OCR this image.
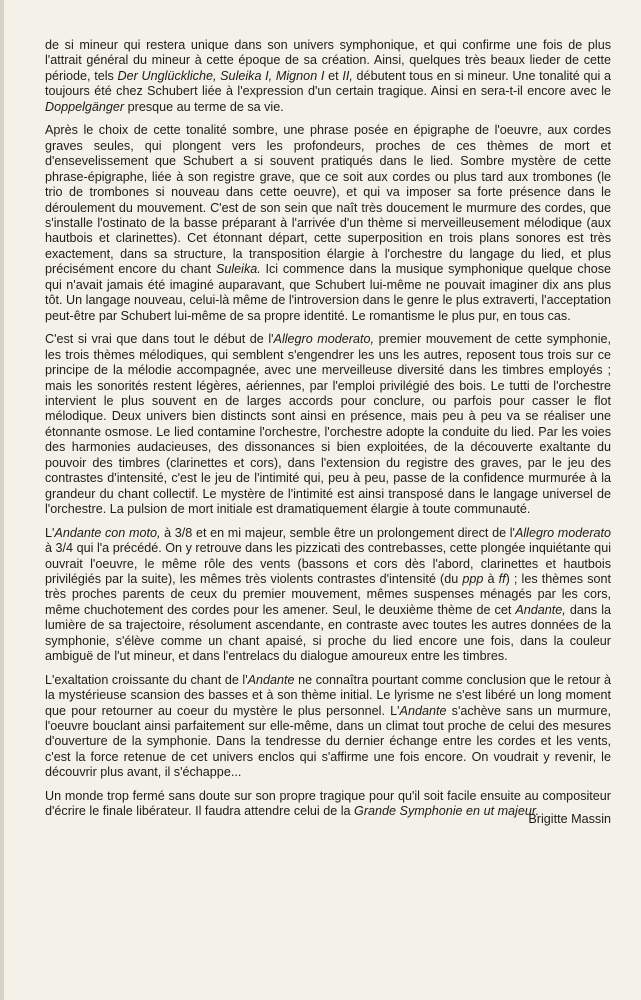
de si mineur qui restera unique dans son univers symphonique, et qui confirme une fois de plus l'attrait général du mineur à cette époque de sa création. Ainsi, quelques très beaux lieder de cette période, tels Der Unglückliche, Suleika I, Mignon I et II, débutent tous en si mineur. Une tonalité qui a toujours été chez Schubert liée à l'expression d'un certain tragique. Ainsi en sera-t-il encore avec le Doppelgänger presque au terme de sa vie.

Après le choix de cette tonalité sombre, une phrase posée en épigraphe de l'oeuvre, aux cordes graves seules, qui plongent vers les profondeurs, proches de ces thèmes de mort et d'ensevelissement que Schubert a si souvent pratiqués dans le lied. Sombre mystère de cette phrase-épigraphe, liée à son registre grave, que ce soit aux cordes ou plus tard aux trombones (le trio de trombones si nouveau dans cette oeuvre), et qui va imposer sa forte présence dans le déroulement du mouvement. C'est de son sein que naît très doucement le murmure des cordes, que s'installe l'ostinato de la basse préparant à l'arrivée d'un thème si merveilleusement mélodique (aux hautbois et clarinettes). Cet étonnant départ, cette superposition en trois plans sonores est très exactement, dans sa structure, la transposition élargie à l'orchestre du langage du lied, et plus précisément encore du chant Suleika. Ici commence dans la musique symphonique quelque chose qui n'avait jamais été imaginé auparavant, que Schubert lui-même ne pouvait imaginer dix ans plus tôt. Un langage nouveau, celui-là même de l'introversion dans le genre le plus extraverti, l'acceptation peut-être par Schubert lui-même de sa propre identité. Le romantisme le plus pur, en tous cas.

C'est si vrai que dans tout le début de l'Allegro moderato, premier mouvement de cette symphonie, les trois thèmes mélodiques, qui semblent s'engendrer les uns les autres, reposent tous trois sur ce principe de la mélodie accompagnée, avec une merveilleuse diversité dans les timbres employés ; mais les sonorités restent légères, aériennes, par l'emploi privilégié des bois. Le tutti de l'orchestre intervient le plus souvent en de larges accords pour conclure, ou parfois pour casser le flot mélodique. Deux univers bien distincts sont ainsi en présence, mais peu à peu va se réaliser une étonnante osmose. Le lied contamine l'orchestre, l'orchestre adopte la conduite du lied. Par les voies des harmonies audacieuses, des dissonances si bien exploitées, de la découverte exaltante du pouvoir des timbres (clarinettes et cors), dans l'extension du registre des graves, par le jeu des contrastes d'intensité, c'est le jeu de l'intimité qui, peu à peu, passe de la confidence murmurée à la grandeur du chant collectif. Le mystère de l'intimité est ainsi transposé dans le langage universel de l'orchestre. La pulsion de mort initiale est dramatiquement élargie à toute communauté.

L'Andante con moto, à 3/8 et en mi majeur, semble être un prolongement direct de l'Allegro moderato à 3/4 qui l'a précédé. On y retrouve dans les pizzicati des contrebasses, cette plongée inquiétante qui ouvrait l'oeuvre, le même rôle des vents (bassons et cors dès l'abord, clarinettes et hautbois privilégiés par la suite), les mêmes très violents contrastes d'intensité (du ppp à ff) ; les thèmes sont très proches parents de ceux du premier mouvement, mêmes suspenses ménagés par les cors, même chuchotement des cordes pour les amener. Seul, le deuxième thème de cet Andante, dans la lumière de sa trajectoire, résolument ascendante, en contraste avec toutes les autres données de la symphonie, s'élève comme un chant apaisé, si proche du lied encore une fois, dans la couleur ambiguë de l'ut mineur, et dans l'entrelacs du dialogue amoureux entre les timbres.

L'exaltation croissante du chant de l'Andante ne connaîtra pourtant comme conclusion que le retour à la mystérieuse scansion des basses et à son thème initial. Le lyrisme ne s'est libéré un long moment que pour retourner au coeur du mystère le plus personnel. L'Andante s'achève sans un murmure, l'oeuvre bouclant ainsi parfaitement sur elle-même, dans un climat tout proche de celui des mesures d'ouverture de la symphonie. Dans la tendresse du dernier échange entre les cordes et les vents, c'est la force retenue de cet univers enclos qui s'affirme une fois encore. On voudrait y revenir, le découvrir plus avant, il s'échappe...

Un monde trop fermé sans doute sur son propre tragique pour qu'il soit facile ensuite au compositeur d'écrire le finale libérateur. Il faudra attendre celui de la Grande Symphonie en ut majeur.

Brigitte Massin
